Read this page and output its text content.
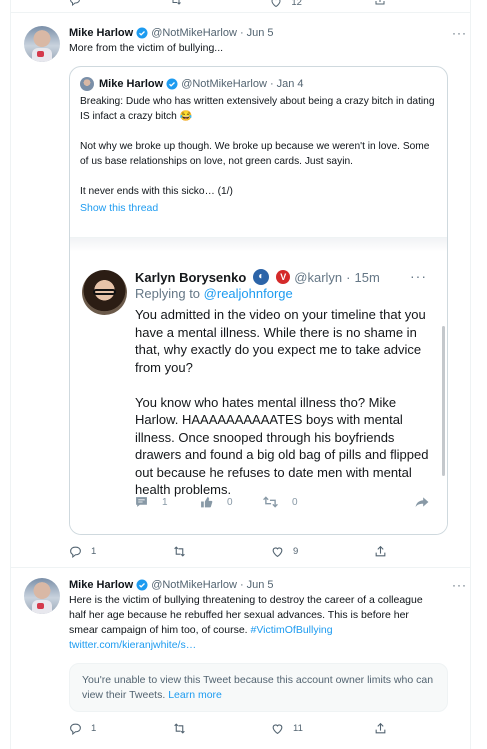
12
Mike Harlow @NotMikeHarlow · Jun 5	···
More from the victim of bullying...
Mike Harlow @NotMikeHarlow · Jan 4

Breaking: Dude who has written extensively about being a crazy bitch in dating IS infact a crazy bitch 😂

Not why we broke up though. We broke up because we weren't in love. Some of us base relationships on love, not green cards. Just sayin.

It never ends with this sicko… (1/)

Show this thread
Karlyn Borysenko	◐	V @karlyn · 15m ···
Replying to @realjohnforge

You admitted in the video on your timeline that you have a mental illness. While there is no shame in that, why exactly do you expect me to take advice from you?

You know who hates mental illness tho? Mike Harlow. HAAAAAAAAAATES boys with mental illness. Once snooped through his boyfriends drawers and found a big old bag of pills and flipped out because he refuses to date men with mental health problems.

1	0	0
1	9
Mike Harlow @NotMikeHarlow · Jun 5	···
Here is the victim of bullying threatening to destroy the career of a colleague half her age because he rebuffed her sexual advances. This is before her smear campaign of him too, of course. #VictimOfBullying
twitter.com/kieranjwhite/s…
You're unable to view this Tweet because this account owner limits who can view their Tweets. Learn more
1	11
